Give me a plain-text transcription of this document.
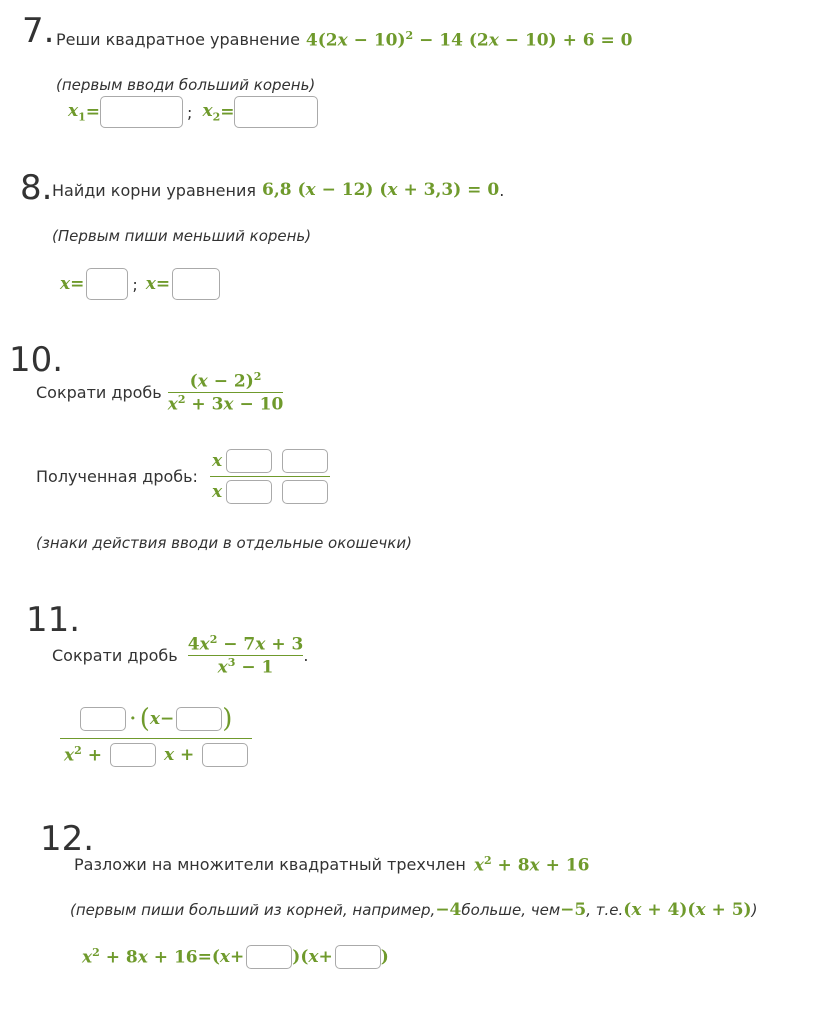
7. Реши квадратное уравнение $4(2x - 10)^2 - 14$ (2x − 10) + 6 = 0
(первым вводи больший корень)
$x_1$ =	; $x_2$ =
8. Найди корни уравнения 6,8 (x − 12) (x + 3,3) = 0 .
(Первым пиши меньший корень)
x =	; x =
10.
Сократи дробь $\frac{(x - 2)^2}{x^2 + 3x - 10}$
Полученная дробь: $\frac{x}{x}$
(знаки действия вводи в отдельные окошечки)
11.
Сократи дробь $\frac{4x^2 - 7x + 3}{x^3 - 1}$ .
· ( x − )
$x^2$ +	x +
12.
Разложи на множители квадратный трехчлен $x^2 + 8x + 16$
(первым пиши больший из корней, например, −4 больше, чем −5 , т.е. (x + 4)(x + 5) )
$x^2 + 8x + 16 =(x+$	)(x+	)
